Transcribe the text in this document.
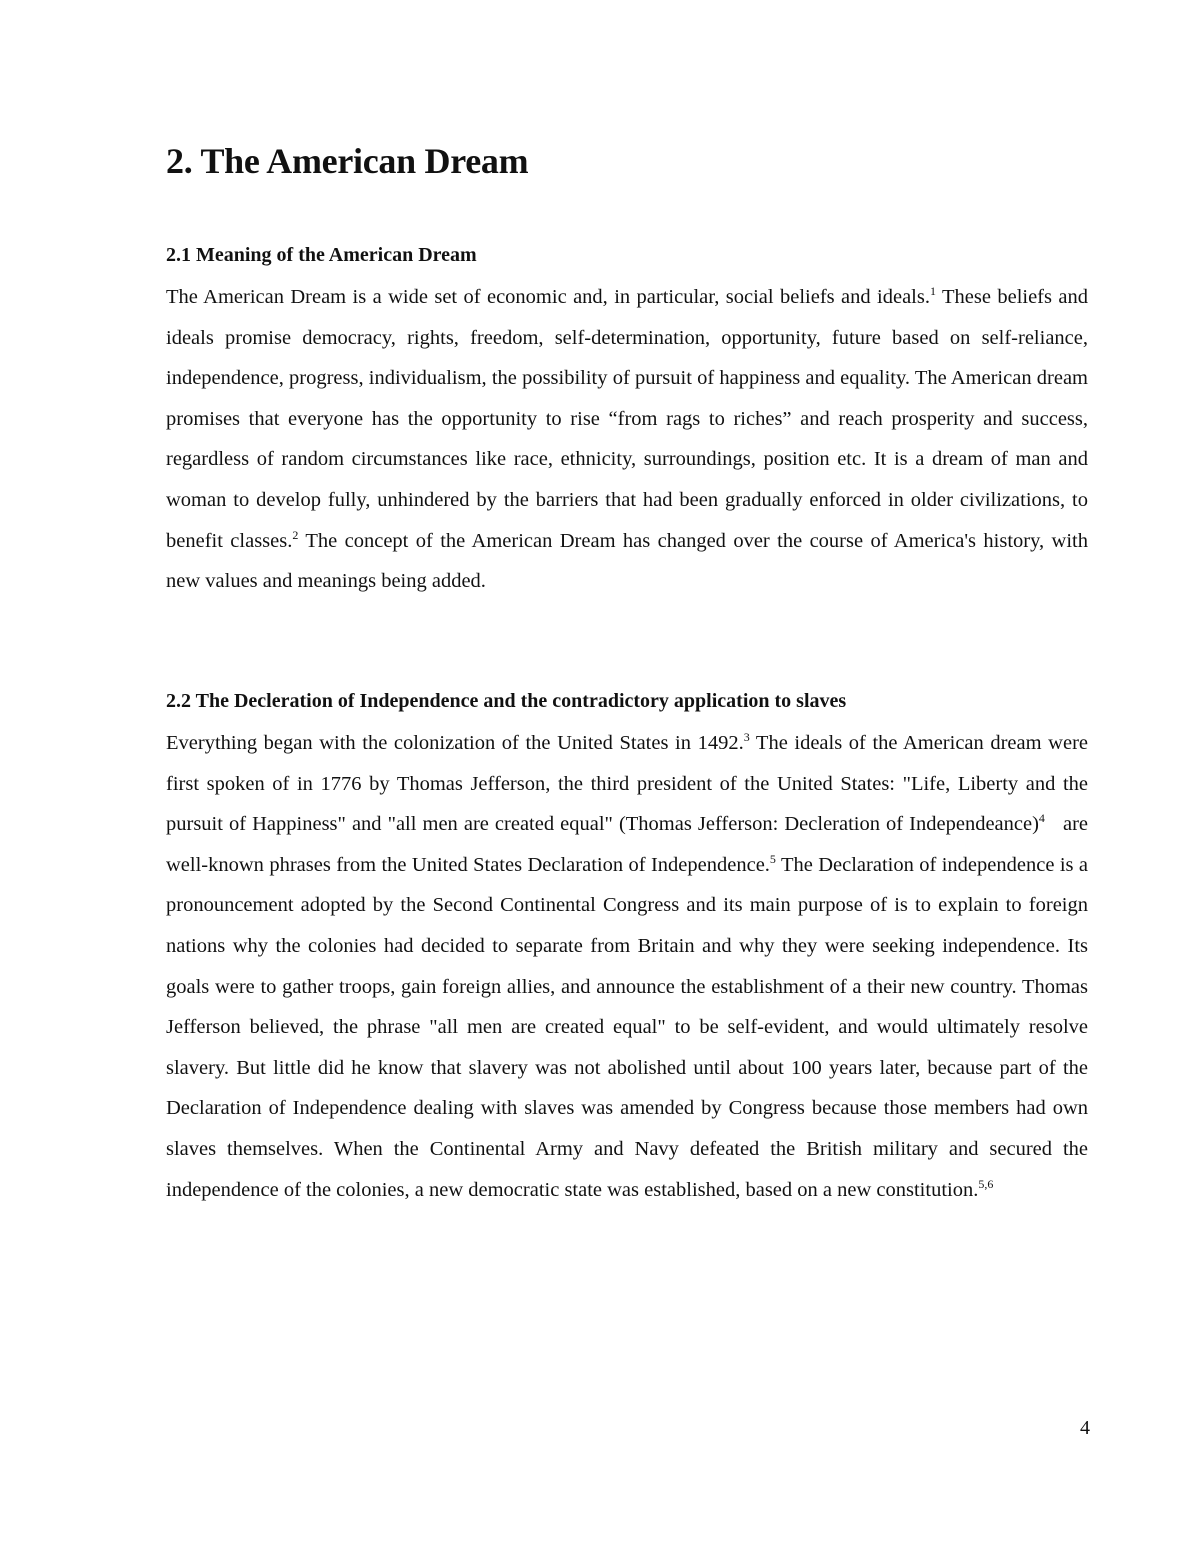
2. The American Dream
2.1 Meaning of the American Dream

The American Dream is a wide set of economic and, in particular, social beliefs and ideals.$^1$ These beliefs and ideals promise democracy, rights, freedom, self-determination, opportunity, future based on self-reliance, independence, progress, individualism, the possibility of pursuit of happiness and equality. The American dream promises that everyone has the opportunity to rise “from rags to riches” and reach prosperity and success, regardless of random circumstances like race, ethnicity, surroundings, position etc. It is a dream of man and woman to develop fully, unhindered by the barriers that had been gradually enforced in older civilizations, to benefit classes.$^2$ The concept of the American Dream has changed over the course of America's history, with new values and meanings being added.

2.2 The Decleration of Independence and the contradictory application to slaves

Everything began with the colonization of the United States in 1492.$^3$ The ideals of the American dream were first spoken of in 1776 by Thomas Jefferson, the third president of the United States: "Life, Liberty and the pursuit of Happiness" and "all men are created equal" (Thomas Jefferson: Decleration of Independeance)$^4$ are well-known phrases from the United States Declaration of Independence.$^5$ The Declaration of independence is a pronouncement adopted by the Second Continental Congress and its main purpose of is to explain to foreign nations why the colonies had decided to separate from Britain and why they were seeking independence. Its goals were to gather troops, gain foreign allies, and announce the establishment of a their new country. Thomas Jefferson believed, the phrase "all men are created equal" to be self-evident, and would ultimately resolve slavery. But little did he know that slavery was not abolished until about 100 years later, because part of the Declaration of Independence dealing with slaves was amended by Congress because those members had own slaves themselves. When the Continental Army and Navy defeated the British military and secured the independence of the colonies, a new democratic state was established, based on a new constitution.$^{5,6}$

4
